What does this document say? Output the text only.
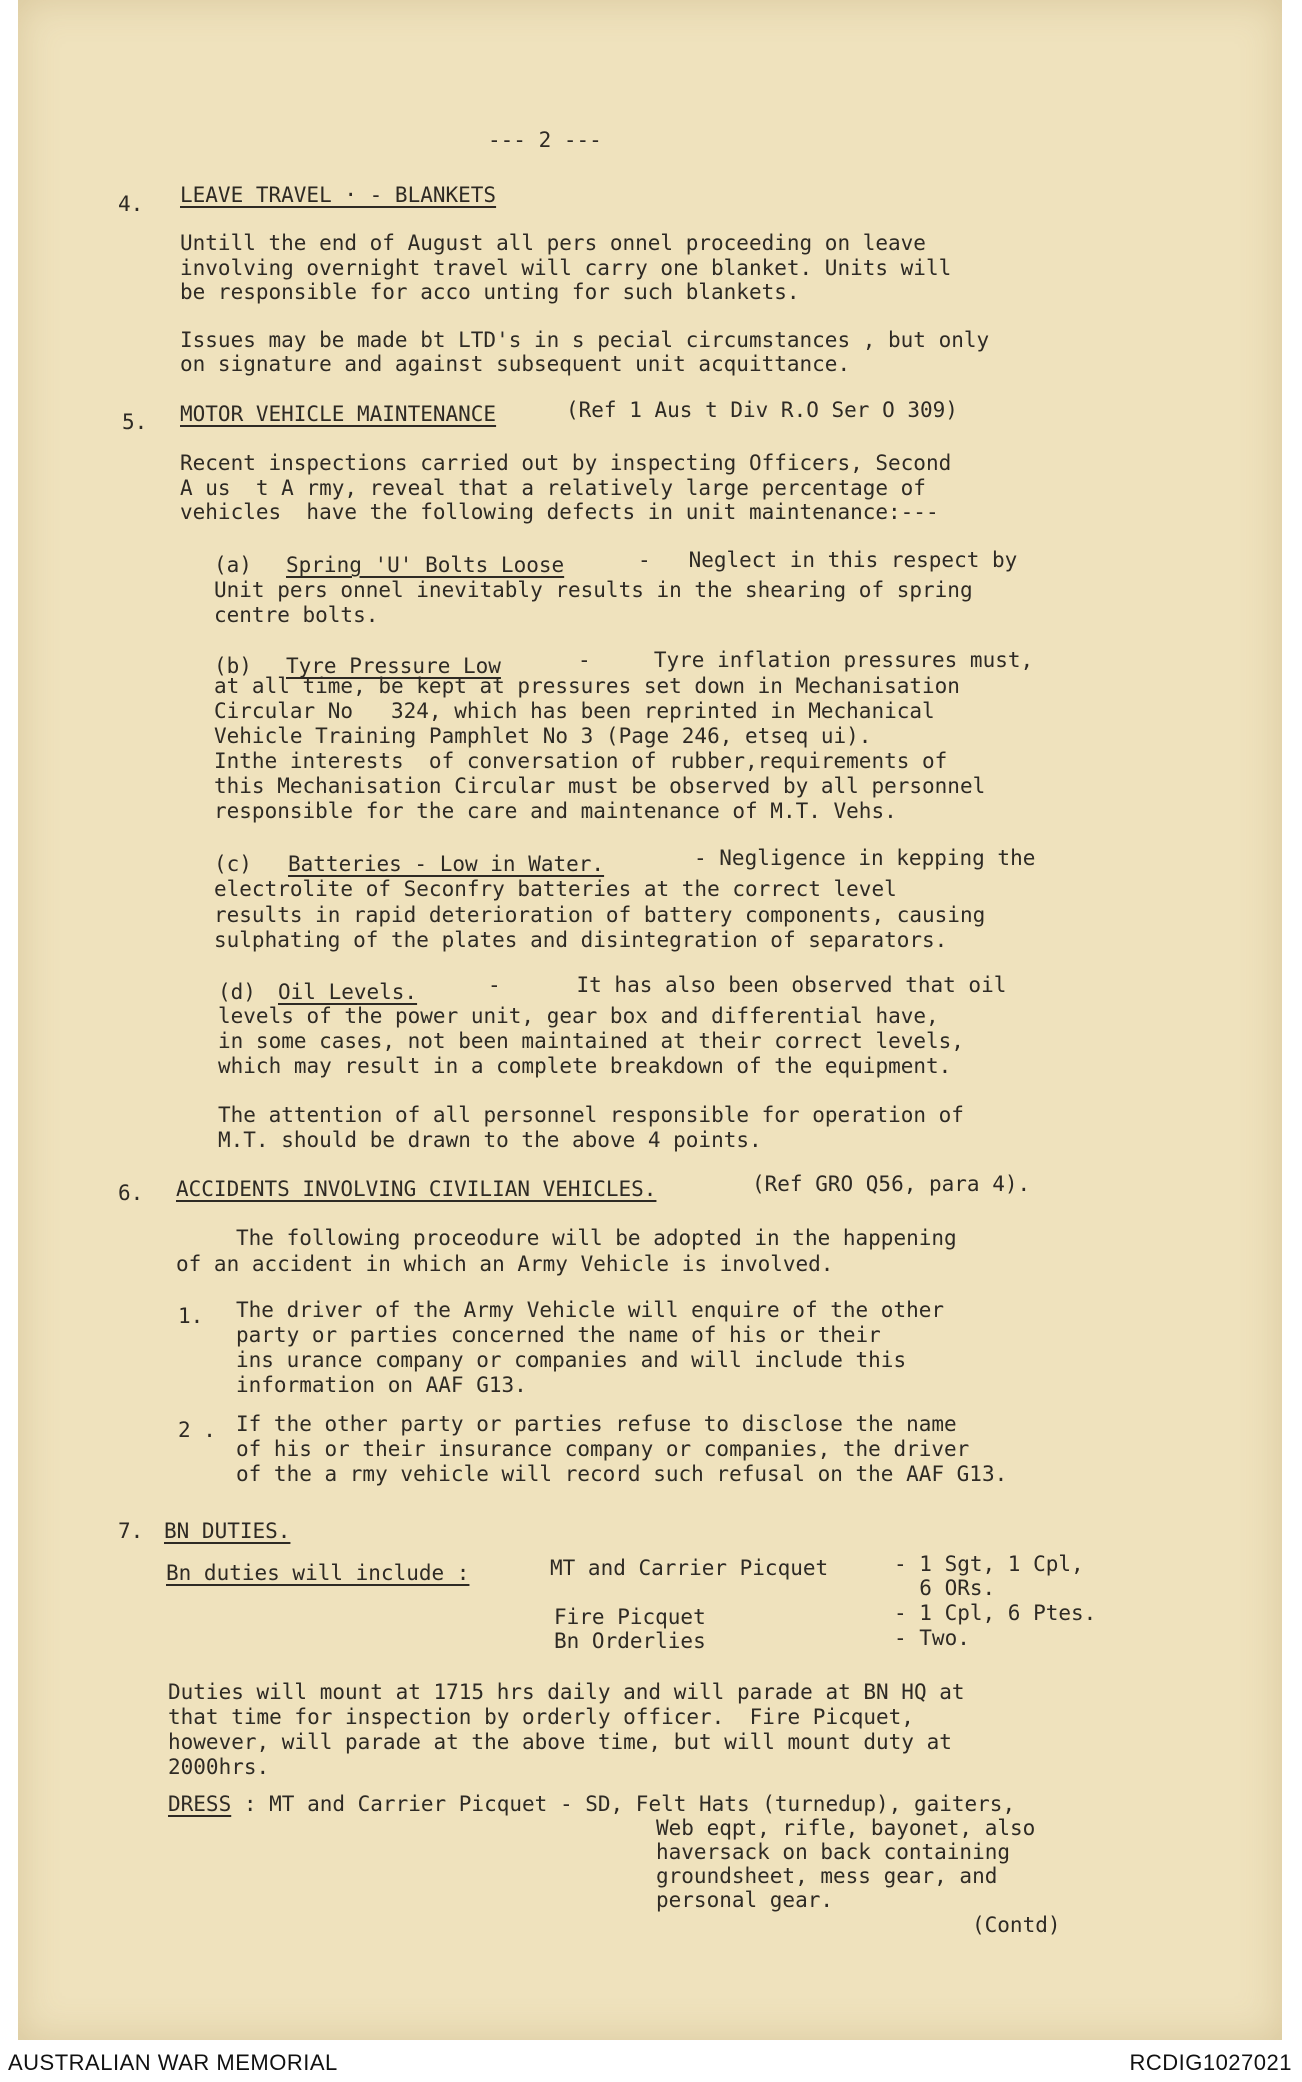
--- 2 ---
4. LEAVE TRAVEL · - BLANKETS
Untill the end of August all pers onnel proceeding on leave
involving overnight travel will carry one blanket. Units will
be responsible for acco unting for such blankets.
Issues may be made bt LTD's in s pecial circumstances , but only
on signature and against subsequent unit acquittance.
5. MOTOR VEHICLE MAINTENANCE	(Ref 1 Aus t Div R.O Ser O 309)
Recent inspections carried out by inspecting Officers, Second
A us  t A rmy, reveal that a relatively large percentage of
vehicles  have the following defects in unit maintenance:---
(a) Spring 'U' Bolts Loose	-   Neglect in this respect by
Unit pers onnel inevitably results in the shearing of spring
centre bolts.
(b) Tyre Pressure Low	-     Tyre inflation pressures must,
at all time, be kept at pressures set down in Mechanisation
Circular No   324, which has been reprinted in Mechanical
Vehicle Training Pamphlet No 3 (Page 246, etseq ui).
Inthe interests  of conversation of rubber,requirements of
this Mechanisation Circular must be observed by all personnel
responsible for the care and maintenance of M.T. Vehs.
(c) Batteries - Low in Water.	- Negligence in kepping the
electrolite of Seconfry batteries at the correct level
results in rapid deterioration of battery components, causing
sulphating of the plates and disintegration of separators.
(d) Oil Levels.	-      It has also been observed that oil
levels of the power unit, gear box and differential have,
in some cases, not been maintained at their correct levels,
which may result in a complete breakdown of the equipment.
The attention of all personnel responsible for operation of
M.T. should be drawn to the above 4 points.
6. ACCIDENTS INVOLVING CIVILIAN VEHICLES.	(Ref GRO Q56, para 4).
The following proceodure will be adopted in the happening
of an accident in which an Army Vehicle is involved.
1. The driver of the Army Vehicle will enquire of the other
party or parties concerned the name of his or their
ins urance company or companies and will include this
information on AAF G13.
2 . If the other party or parties refuse to disclose the name
of his or their insurance company or companies, the driver
of the a rmy vehicle will record such refusal on the AAF G13.
7. BN DUTIES.
Bn duties will include :	MT and Carrier Picquet	- 1 Sgt, 1 Cpl,
6 ORs.
Fire Picquet	- 1 Cpl, 6 Ptes.
Bn Orderlies	- Two.
Duties will mount at 1715 hrs daily and will parade at BN HQ at
that time for inspection by orderly officer.  Fire Picquet,
however, will parade at the above time, but will mount duty at
2000hrs.
DRESS : MT and Carrier Picquet - SD, Felt Hats (turnedup), gaiters,
Web eqpt, rifle, bayonet, also
haversack on back containing
groundsheet, mess gear, and
personal gear.
(Contd)
AUSTRALIAN WAR MEMORIAL	RCDIG1027021
